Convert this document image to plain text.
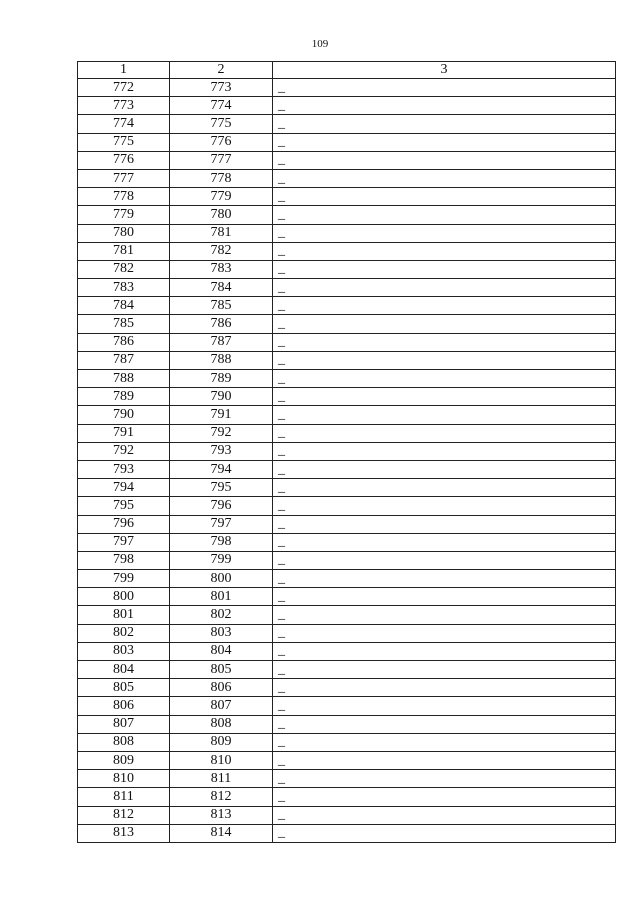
109
1	2	3
772	773	_
773	774	_
774	775	_
775	776	_
776	777	_
777	778	_
778	779	_
779	780	_
780	781	_
781	782	_
782	783	_
783	784	_
784	785	_
785	786	_
786	787	_
787	788	_
788	789	_
789	790	_
790	791	_
791	792	_
792	793	_
793	794	_
794	795	_
795	796	_
796	797	_
797	798	_
798	799	_
799	800	_
800	801	_
801	802	_
802	803	_
803	804	_
804	805	_
805	806	_
806	807	_
807	808	_
808	809	_
809	810	_
810	811	_
811	812	_
812	813	_
813	814	_
